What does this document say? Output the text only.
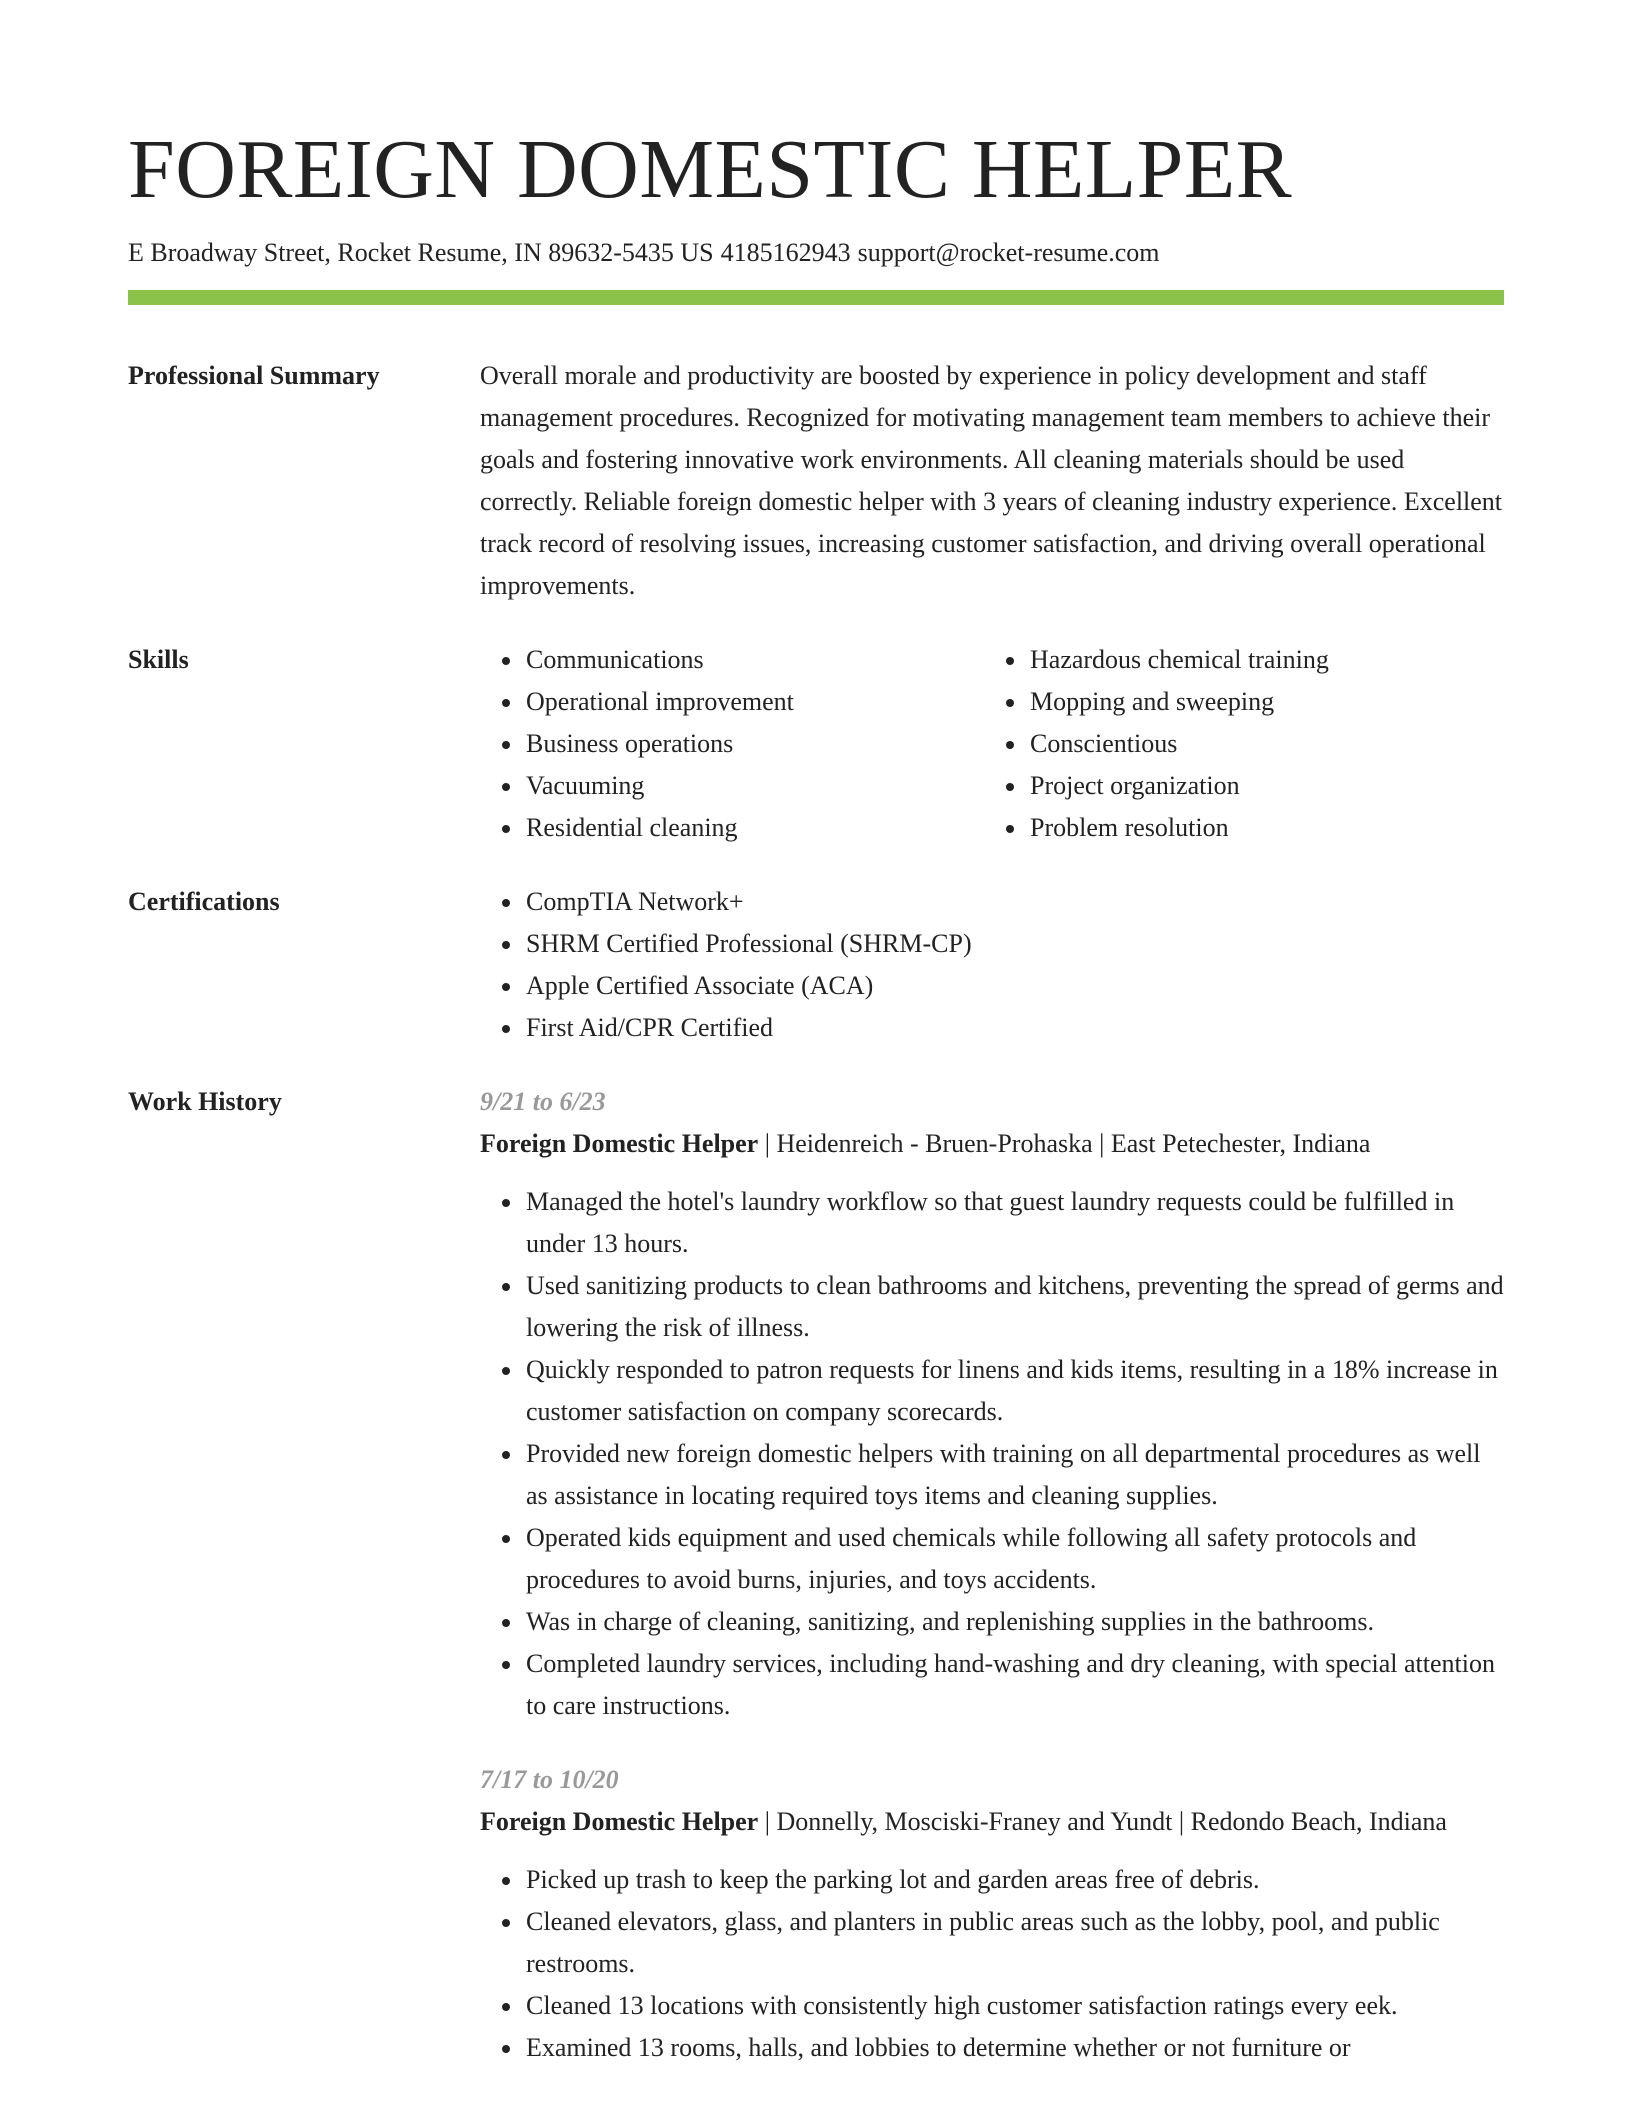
FOREIGN DOMESTIC HELPER
E Broadway Street, Rocket Resume, IN 89632-5435 US 4185162943 support@rocket-resume.com
Professional Summary	Overall morale and productivity are boosted by experience in policy development and staff management procedures. Recognized for motivating management team members to achieve their goals and fostering innovative work environments. All cleaning materials should be used correctly. Reliable foreign domestic helper with 3 years of cleaning industry experience. Excellent track record of resolving issues, increasing customer satisfaction, and driving overall operational improvements.

Skills	• Communications
• Operational improvement
• Business operations
• Vacuuming
• Residential cleaning
• Hazardous chemical training
• Mopping and sweeping
• Conscientious
• Project organization
• Problem resolution
Certifications	• CompTIA Network+
• SHRM Certified Professional (SHRM-CP)
• Apple Certified Associate (ACA)
• First Aid/CPR Certified
Work History	9/21 to 6/23
Foreign Domestic Helper | Heidenreich - Bruen-Prohaska | East Petechester, Indiana
• Managed the hotel's laundry workflow so that guest laundry requests could be fulfilled in under 13 hours.
• Used sanitizing products to clean bathrooms and kitchens, preventing the spread of germs and lowering the risk of illness.
• Quickly responded to patron requests for linens and kids items, resulting in a 18% increase in customer satisfaction on company scorecards.
• Provided new foreign domestic helpers with training on all departmental procedures as well as assistance in locating required toys items and cleaning supplies.
• Operated kids equipment and used chemicals while following all safety protocols and procedures to avoid burns, injuries, and toys accidents.
• Was in charge of cleaning, sanitizing, and replenishing supplies in the bathrooms.
• Completed laundry services, including hand-washing and dry cleaning, with special attention to care instructions.
7/17 to 10/20
Foreign Domestic Helper | Donnelly, Mosciski-Franey and Yundt | Redondo Beach, Indiana
• Picked up trash to keep the parking lot and garden areas free of debris.
• Cleaned elevators, glass, and planters in public areas such as the lobby, pool, and public restrooms.
• Cleaned 13 locations with consistently high customer satisfaction ratings every eek.
• Examined 13 rooms, halls, and lobbies to determine whether or not furniture or
